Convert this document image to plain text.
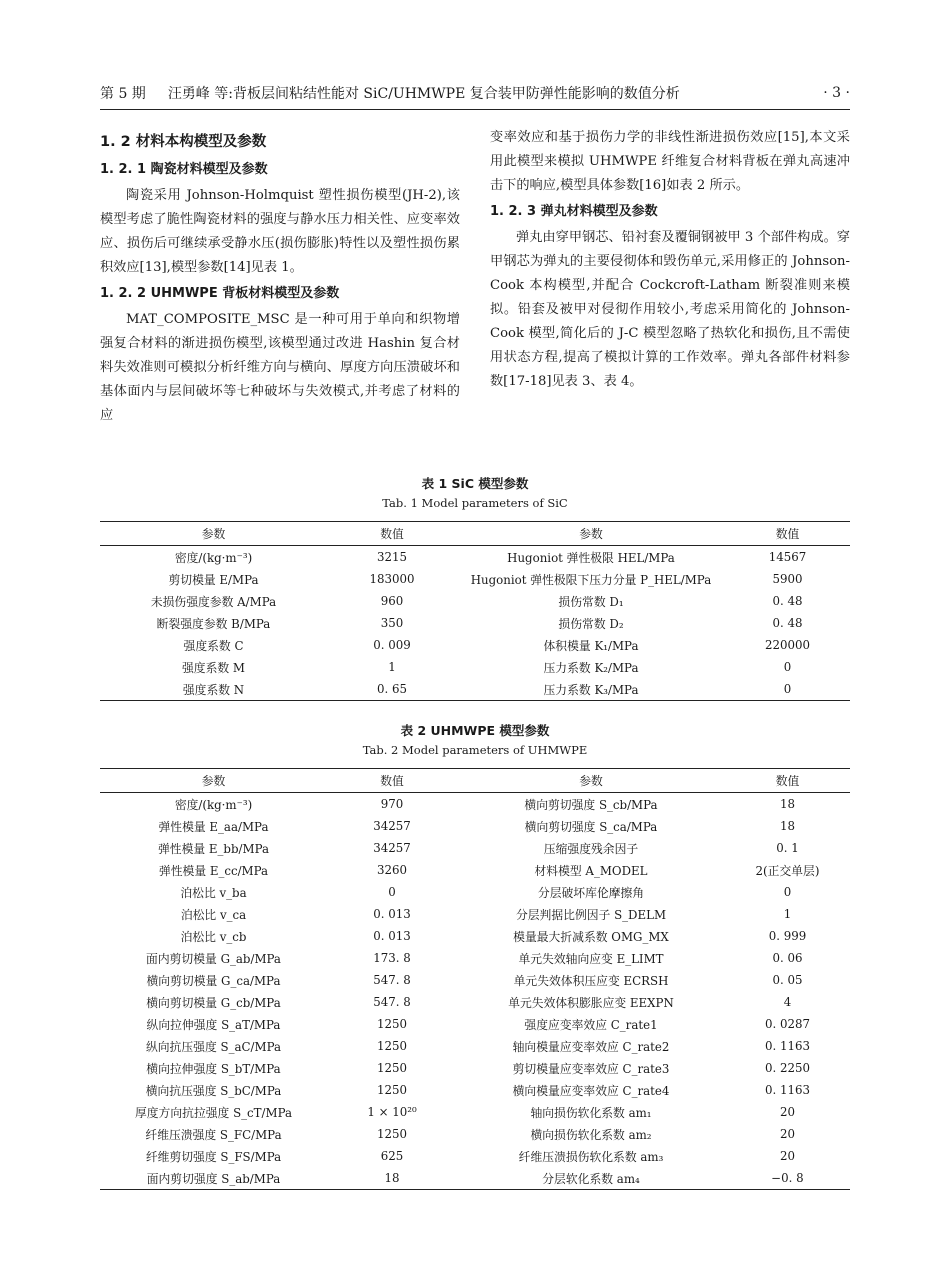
第 5 期 汪勇峰 等:背板层间粘结性能对 SiC/UHMWPE 复合装甲防弹性能影响的数值分析	· 3 ·
1. 2 材料本构模型及参数
1. 2. 1 陶瓷材料模型及参数

陶瓷采用 Johnson-Holmquist 塑性损伤模型(JH-2),该模型考虑了脆性陶瓷材料的强度与静水压力相关性、应变率效应、损伤后可继续承受静水压(损伤膨胀)特性以及塑性损伤累积效应[13],模型参数[14]见表 1。

1. 2. 2 UHMWPE 背板材料模型及参数

MAT_COMPOSITE_MSC 是一种可用于单向和织物增强复合材料的渐进损伤模型,该模型通过改进 Hashin 复合材料失效准则可模拟分析纤维方向与横向、厚度方向压溃破坏和基体面内与层间破坏等七种破坏与失效模式,并考虑了材料的应

变率效应和基于损伤力学的非线性渐进损伤效应[15],本文采用此模型来模拟 UHMWPE 纤维复合材料背板在弹丸高速冲击下的响应,模型具体参数[16]如表 2 所示。

1. 2. 3 弹丸材料模型及参数

弹丸由穿甲钢芯、铅衬套及覆铜钢被甲 3 个部件构成。穿甲钢芯为弹丸的主要侵彻体和毁伤单元,采用修正的 Johnson-Cook 本构模型,并配合 Cockcroft-Latham 断裂准则来模拟。铅套及被甲对侵彻作用较小,考虑采用简化的 Johnson-Cook 模型,简化后的 J-C 模型忽略了热软化和损伤,且不需使用状态方程,提高了模拟计算的工作效率。弹丸各部件材料参数[17-18]见表 3、表 4。

表 1 SiC 模型参数
Tab. 1 Model parameters of SiC
参数	数值	参数	数值
密度/(kg·m⁻³)	3215	Hugoniot 弹性极限 HEL/MPa	14567
剪切模量 E/MPa	183000	Hugoniot 弹性极限下压力分量 P_HEL/MPa	5900
未损伤强度参数 A/MPa	960	损伤常数 D₁	0. 48
断裂强度参数 B/MPa	350	损伤常数 D₂	0. 48
强度系数 C	0. 009	体积模量 K₁/MPa	220000
强度系数 M	1	压力系数 K₂/MPa	0
强度系数 N	0. 65	压力系数 K₃/MPa	0
表 2 UHMWPE 模型参数
Tab. 2 Model parameters of UHMWPE
参数	数值	参数	数值
密度/(kg·m⁻³)	970	横向剪切强度 S_cb/MPa	18
弹性模量 E_aa/MPa	34257	横向剪切强度 S_ca/MPa	18
弹性模量 E_bb/MPa	34257	压缩强度残余因子	0. 1
弹性模量 E_cc/MPa	3260	材料模型 A_MODEL	2(正交单层)
泊松比 v_ba	0	分层破坏库伦摩擦角	0
泊松比 v_ca	0. 013	分层判据比例因子 S_DELM	1
泊松比 v_cb	0. 013	模量最大折减系数 OMG_MX	0. 999
面内剪切模量 G_ab/MPa	173. 8	单元失效轴向应变 E_LIMT	0. 06
横向剪切模量 G_ca/MPa	547. 8	单元失效体积压应变 ECRSH	0. 05
横向剪切模量 G_cb/MPa	547. 8	单元失效体积膨胀应变 EEXPN	4
纵向拉伸强度 S_aT/MPa	1250	强度应变率效应 C_rate1	0. 0287
纵向抗压强度 S_aC/MPa	1250	轴向模量应变率效应 C_rate2	0. 1163
横向拉伸强度 S_bT/MPa	1250	剪切模量应变率效应 C_rate3	0. 2250
横向抗压强度 S_bC/MPa	1250	横向模量应变率效应 C_rate4	0. 1163
厚度方向抗拉强度 S_cT/MPa	1 × 10²⁰	轴向损伤软化系数 am₁	20
纤维压溃强度 S_FC/MPa	1250	横向损伤软化系数 am₂	20
纤维剪切强度 S_FS/MPa	625	纤维压溃损伤软化系数 am₃	20
面内剪切强度 S_ab/MPa	18	分层软化系数 am₄	−0. 8
